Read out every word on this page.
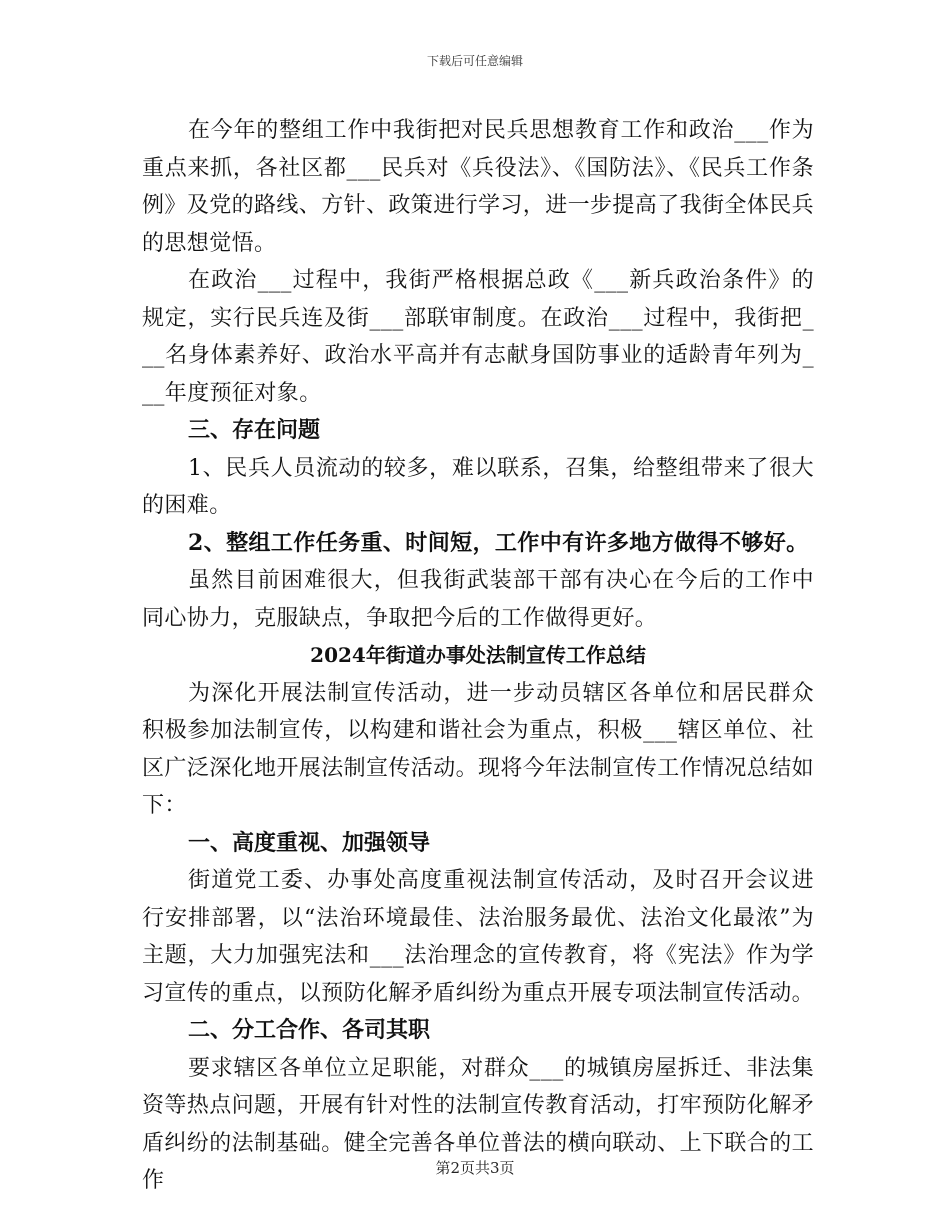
下载后可任意编辑

在今年的整组工作中我街把对民兵思想教育工作和政治___作为重点来抓，各社区都___民兵对《兵役法》、《国防法》、《民兵工作条例》及党的路线、方针、政策进行学习，进一步提高了我街全体民兵的思想觉悟。

在政治___过程中，我街严格根据总政《___新兵政治条件》的规定，实行民兵连及街___部联审制度。在政治___过程中，我街把___名身体素养好、政治水平高并有志献身国防事业的适龄青年列为___年度预征对象。

三、存在问题

1、民兵人员流动的较多，难以联系，召集，给整组带来了很大的困难。

2、整组工作任务重、时间短，工作中有许多地方做得不够好。

虽然目前困难很大，但我街武装部干部有决心在今后的工作中同心协力，克服缺点，争取把今后的工作做得更好。

2024年街道办事处法制宣传工作总结

为深化开展法制宣传活动，进一步动员辖区各单位和居民群众积极参加法制宣传，以构建和谐社会为重点，积极___辖区单位、社区广泛深化地开展法制宣传活动。现将今年法制宣传工作情况总结如下：

一、高度重视、加强领导

街道党工委、办事处高度重视法制宣传活动，及时召开会议进行安排部署，以“法治环境最佳、法治服务最优、法治文化最浓”为主题，大力加强宪法和___法治理念的宣传教育，将《宪法》作为学习宣传的重点，以预防化解矛盾纠纷为重点开展专项法制宣传活动。

二、分工合作、各司其职

要求辖区各单位立足职能，对群众___的城镇房屋拆迁、非法集资等热点问题，开展有针对性的法制宣传教育活动，打牢预防化解矛盾纠纷的法制基础。健全完善各单位普法的横向联动、上下联合的工作	第2页共3页
